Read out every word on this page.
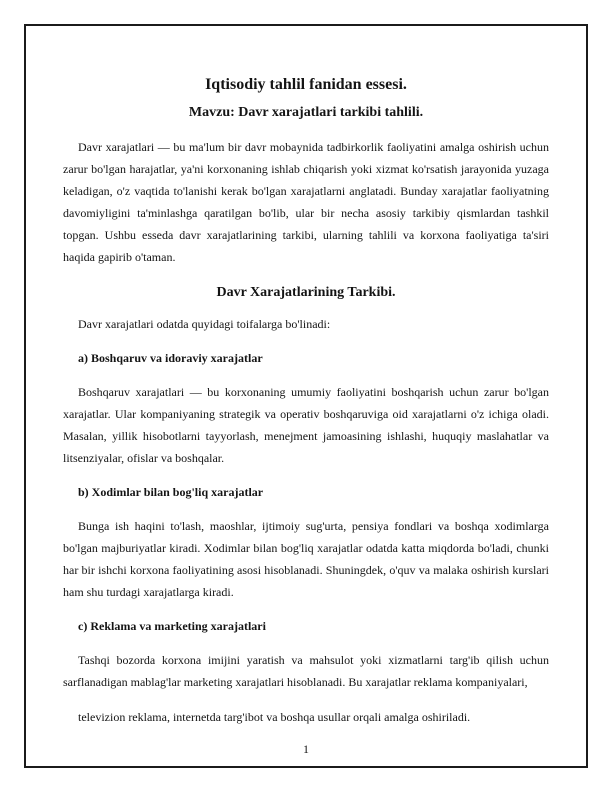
Iqtisodiy tahlil fanidan essesi.
Mavzu: Davr xarajatlari tarkibi tahlili.

Davr xarajatlari — bu ma'lum bir davr mobaynida tadbirkorlik faoliyatini amalga oshirish uchun zarur bo'lgan harajatlar, ya'ni korxonaning ishlab chiqarish yoki xizmat ko'rsatish jarayonida yuzaga keladigan, o'z vaqtida to'lanishi kerak bo'lgan xarajatlarni anglatadi. Bunday xarajatlar faoliyatning davomiyligini ta'minlashga qaratilgan bo'lib, ular bir necha asosiy tarkibiy qismlardan tashkil topgan. Ushbu esseda davr xarajatlarining tarkibi, ularning tahlili va korxona faoliyatiga ta'siri haqida gapirib o'taman.

Davr Xarajatlarining Tarkibi.

Davr xarajatlari odatda quyidagi toifalarga bo'linadi:

a) Boshqaruv va idoraviy xarajatlar

Boshqaruv xarajatlari — bu korxonaning umumiy faoliyatini boshqarish uchun zarur bo'lgan xarajatlar. Ular kompaniyaning strategik va operativ boshqaruviga oid xarajatlarni o'z ichiga oladi. Masalan, yillik hisobotlarni tayyorlash, menejment jamoasining ishlashi, huquqiy maslahatlar va litsenziyalar, ofislar va boshqalar.

b) Xodimlar bilan bog'liq xarajatlar

Bunga ish haqini to'lash, maoshlar, ijtimoiy sug'urta, pensiya fondlari va boshqa xodimlarga bo'lgan majburiyatlar kiradi. Xodimlar bilan bog'liq xarajatlar odatda katta miqdorda bo'ladi, chunki har bir ishchi korxona faoliyatining asosi hisoblanadi. Shuningdek, o'quv va malaka oshirish kurslari ham shu turdagi xarajatlarga kiradi.

c) Reklama va marketing xarajatlari

Tashqi bozorda korxona imijini yaratish va mahsulot yoki xizmatlarni targ'ib qilish uchun sarflanadigan mablag'lar marketing xarajatlari hisoblanadi. Bu xarajatlar reklama kompaniyalari,

televizion reklama, internetda targ'ibot va boshqa usullar orqali amalga oshiriladi.

1
